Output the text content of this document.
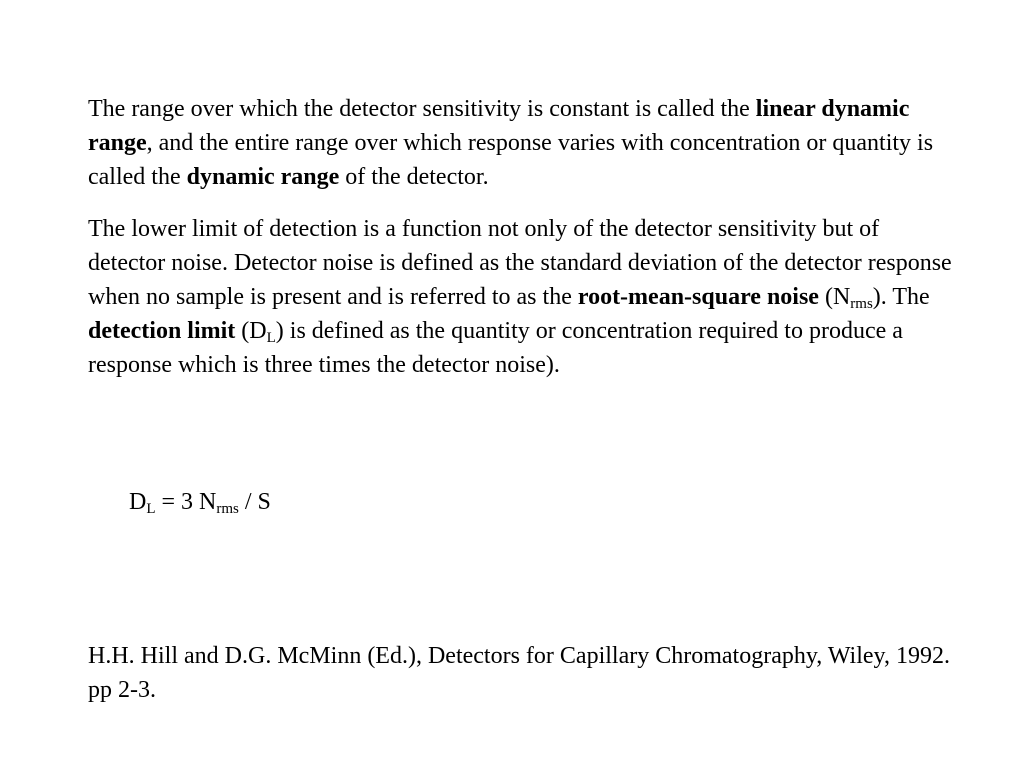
The range over which the detector sensitivity is constant is called the linear dynamic range, and the entire range over which response varies with concentration or quantity is called the dynamic range of the detector.

The lower limit of detection is a function not only of the detector sensitivity but of detector noise. Detector noise is defined as the standard deviation of the detector response when no sample is present and is referred to as the root-mean-square noise $(N_{rms})$. The detection limit $(D_L)$ is defined as the quantity or concentration required to produce a response which is three times the detector noise).

$D_L = 3$ $N_{rms}$ / S

H.H. Hill and D.G. McMinn (Ed.), Detectors for Capillary Chromatography, Wiley, 1992. pp 2-3.
